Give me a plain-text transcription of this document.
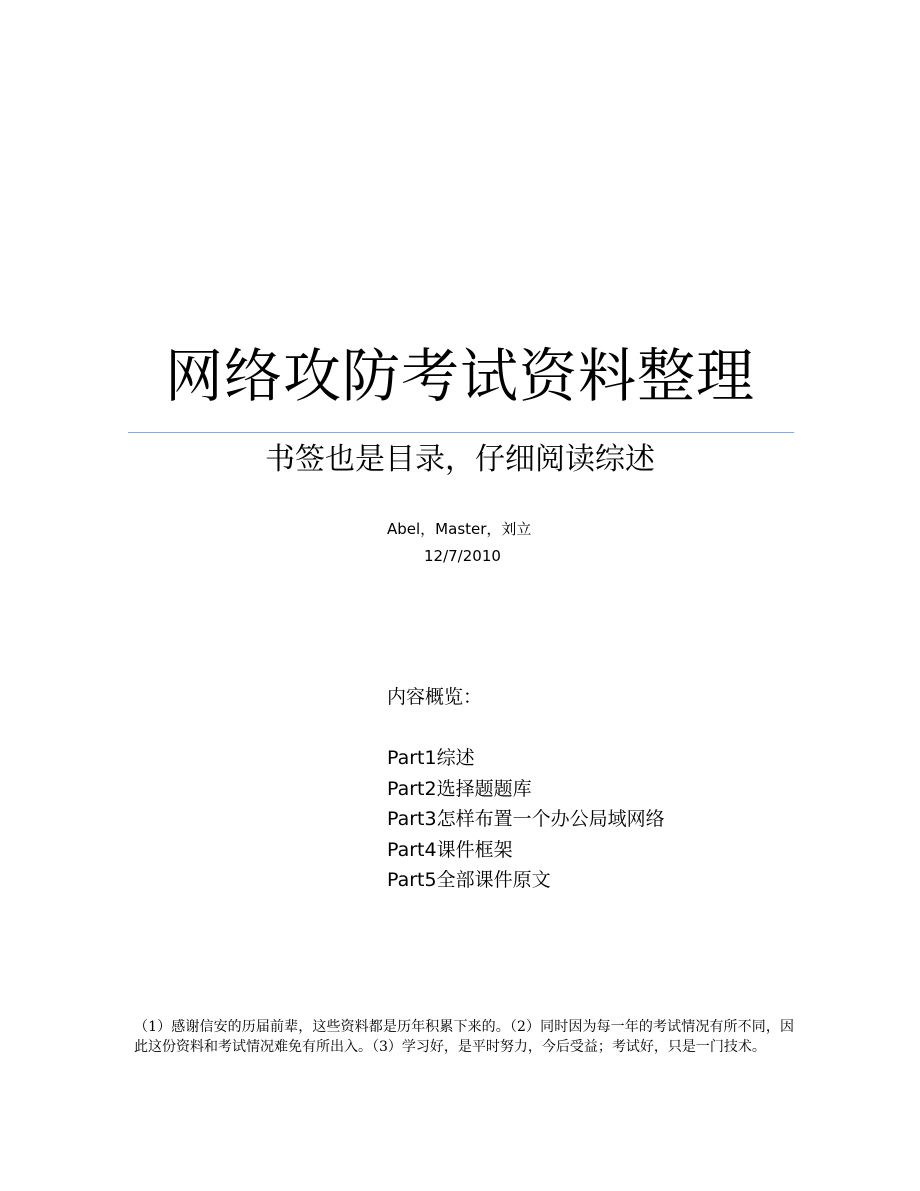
网络攻防考试资料整理
书签也是目录，仔细阅读综述
Abel，Master，刘立
12/7/2010
内容概览：
Part1综述
Part2选择题题库
Part3怎样布置一个办公局域网络
Part4课件框架
Part5全部课件原文
（1）感谢信安的历届前辈，这些资料都是历年积累下来的。（2）同时因为每一年的考试情况有所不同，因此这份资料和考试情况难免有所出入。（3）学习好，是平时努力，今后受益；考试好，只是一门技术。
